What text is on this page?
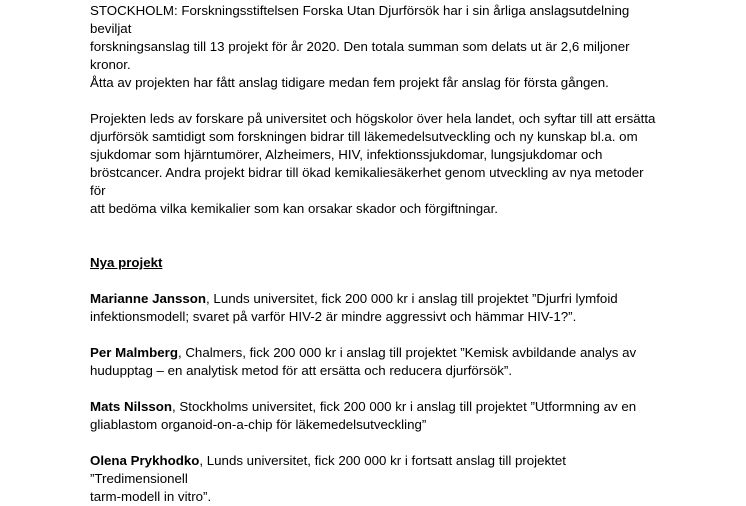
STOCKHOLM: Forskningsstiftelsen Forska Utan Djurförsök har i sin årliga anslagsutdelning beviljat
forskningsanslag till 13 projekt för år 2020. Den totala summan som delats ut är 2,6 miljoner kronor.
Åtta av projekten har fått anslag tidigare medan fem projekt får anslag för första gången.

Projekten leds av forskare på universitet och högskolor över hela landet, och syftar till att ersätta
djurförsök samtidigt som forskningen bidrar till läkemedelsutveckling och ny kunskap bl.a. om
sjukdomar som hjärntumörer, Alzheimers, HIV, infektionssjukdomar, lungsjukdomar och
bröstcancer. Andra projekt bidrar till ökad kemikaliesäkerhet genom utveckling av nya metoder för
att bedöma vilka kemikalier som kan orsakar skador och förgiftningar.

Nya projekt

Marianne Jansson, Lunds universitet, fick 200 000 kr i anslag till projektet ”Djurfri lymfoid
infektionsmodell; svaret på varför HIV-2 är mindre aggressivt och hämmar HIV-1?”.

Per Malmberg, Chalmers, fick 200 000 kr i anslag till projektet ”Kemisk avbildande analys av
hudupptag – en analytisk metod för att ersätta och reducera djurförsök”.

Mats Nilsson, Stockholms universitet, fick 200 000 kr i anslag till projektet ”Utformning av en
gliablastom organoid-on-a-chip för läkemedelsutveckling”

Olena Prykhodko, Lunds universitet, fick 200 000 kr i fortsatt anslag till projektet ”Tredimensionell
tarm-modell in vitro”.
